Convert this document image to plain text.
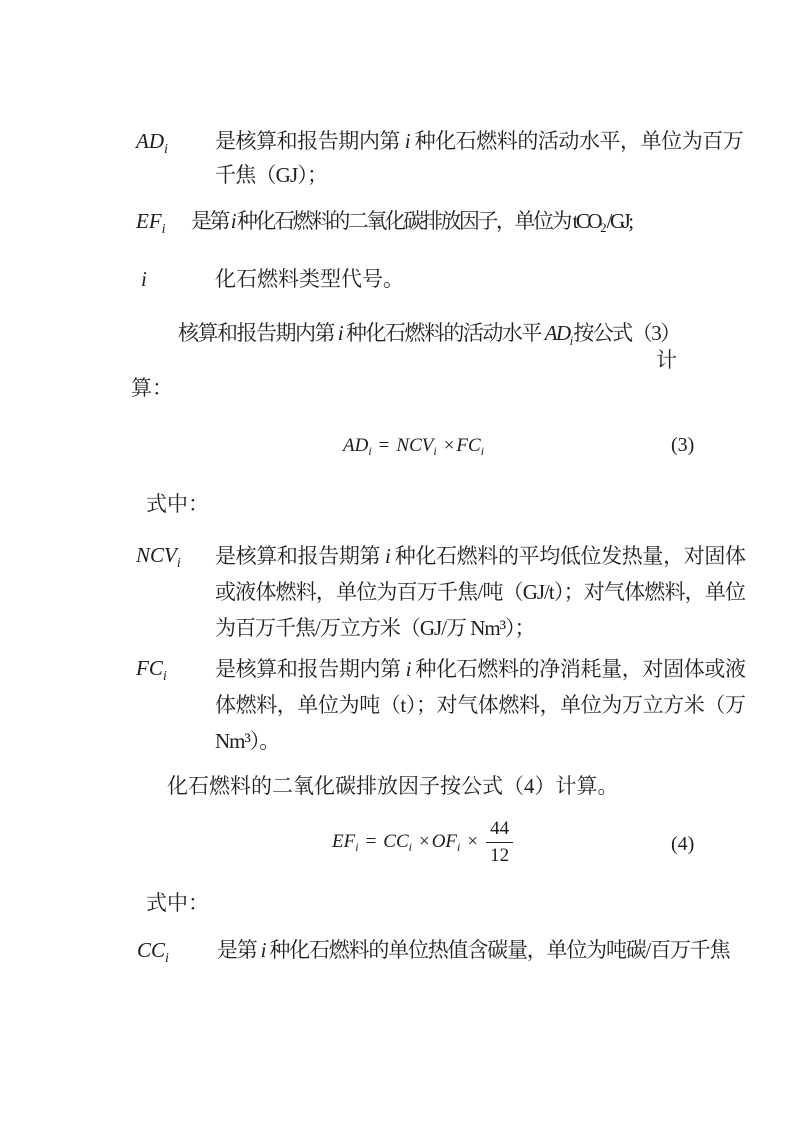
$AD_i$ 是核算和报告期内第 i 种化石燃料的活动水平，单位为百万千焦（GJ）；
$EF_i$ 是第 i 种化石燃料的二氧化碳排放因子，单位为 tCO$_2$/GJ;
i	化石燃料类型代号。
核算和报告期内第 i 种化石燃料的活动水平 $AD_i$按公式（3）
计
算：
$AD_i = NCV_i \times FC_i$	(3)
式中：
$NCV_i$ 是核算和报告期第 i 种化石燃料的平均低位发热量，对固体或液体燃料，单位为百万千焦/吨（GJ/t）；对气体燃料，单位为百万千焦/万立方米（GJ/万 Nm³）；
$FC_i$ 是核算和报告期内第 i 种化石燃料的净消耗量，对固体或液体燃料，单位为吨（t）；对气体燃料，单位为万立方米（万 Nm³）。
化石燃料的二氧化碳排放因子按公式（4）计算。
$EF_i = CC_i \times OF_i \times \frac{44}{12}$	(4)
式中：
$CC_i$ 是第 i 种化石燃料的单位热值含碳量，单位为吨碳/百万千焦
